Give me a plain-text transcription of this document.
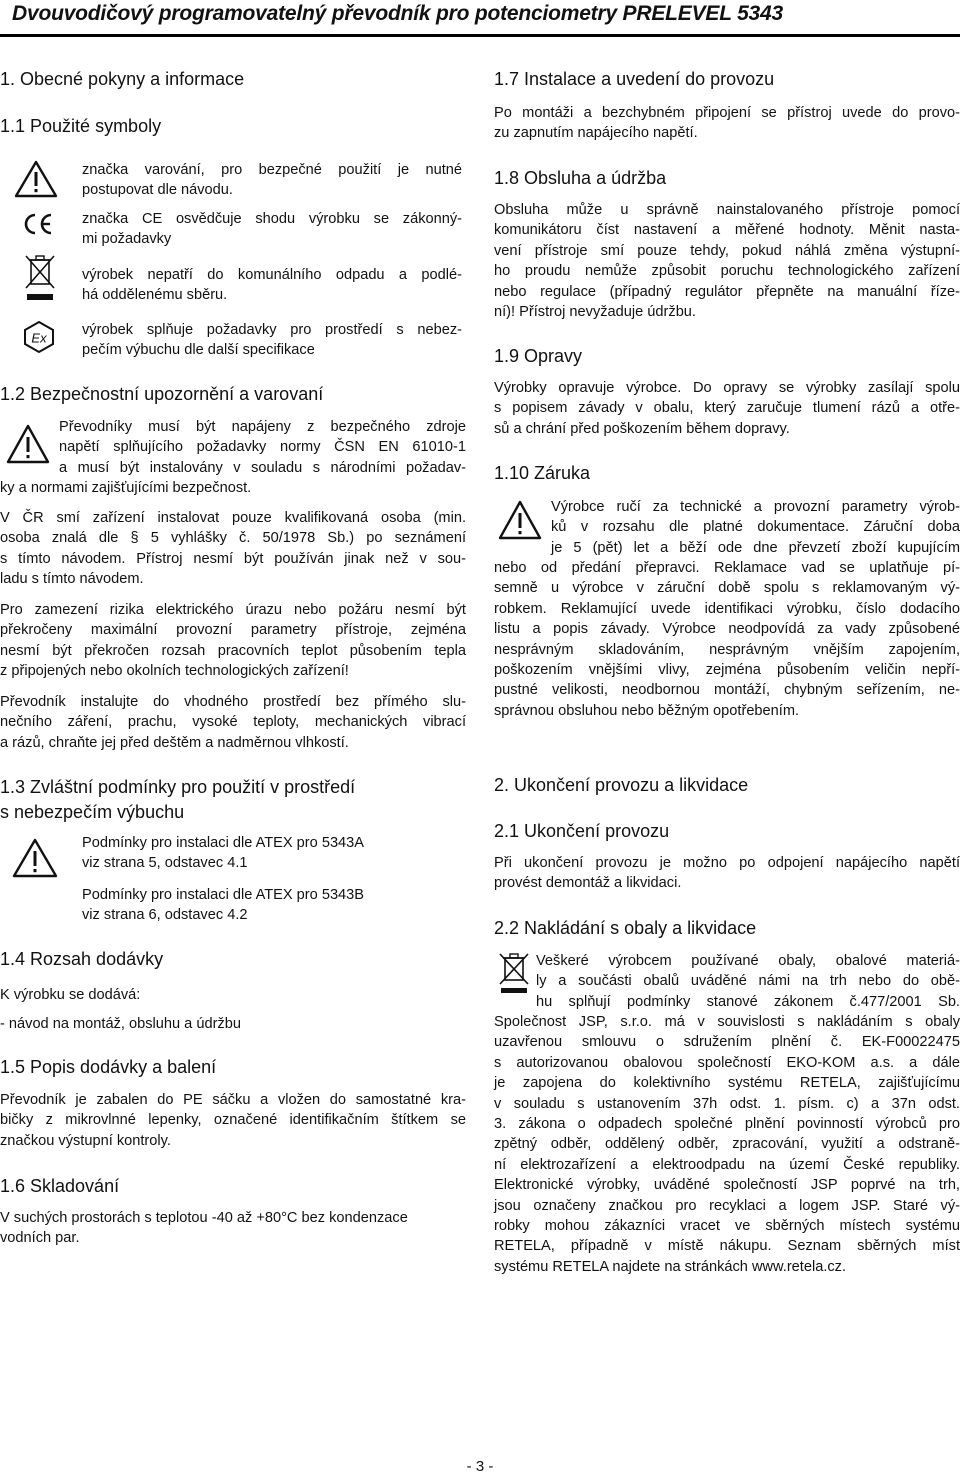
Dvouvodičový programovatelný převodník pro potenciometry PRELEVEL 5343
1. Obecné pokyny a informace
1.1 Použité symboly
značka varování, pro bezpečné použití je nutné
postupovat dle návodu.
značka CE osvědčuje shodu výrobku se zákonný-
mi požadavky
výrobek nepatří do komunálního odpadu a podlé-
há oddělenému sběru.
Ex výrobek splňuje požadavky pro prostředí s nebez-
pečím výbuchu dle další specifikace
1.2 Bezpečnostní upozornění a varovaní
Převodníky musí být napájeny z bezpečného zdroje
napětí splňujícího požadavky normy ČSN EN 61010-1
a musí být instalovány v souladu s národními požadav-
ky a normami zajišťujícími bezpečnost.
V ČR smí zařízení instalovat pouze kvalifikovaná osoba (min.
osoba znalá dle § 5 vyhlášky č. 50/1978 Sb.) po seznámení
s tímto návodem. Přístroj nesmí být používán jinak než v sou-
ladu s tímto návodem.
Pro zamezení rizika elektrického úrazu nebo požáru nesmí být
překročeny maximální provozní parametry přístroje, zejména
nesmí být překročen rozsah pracovních teplot působením tepla
z připojených nebo okolních technologických zařízení!
Převodník instalujte do vhodného prostředí bez přímého slu-
nečního záření, prachu, vysoké teploty, mechanických vibrací
a rázů, chraňte jej před deštěm a nadměrnou vlhkostí.
1.3 Zvláštní podmínky pro použití v prostředí
s nebezpečím výbuchu
Podmínky pro instalaci dle ATEX pro 5343A
viz strana 5, odstavec 4.1
Podmínky pro instalaci dle ATEX pro 5343B
viz strana 6, odstavec 4.2
1.4 Rozsah dodávky
K výrobku se dodává:
- návod na montáž, obsluhu a údržbu
1.5 Popis dodávky a balení
Převodník je zabalen do PE sáčku a vložen do samostatné kra-
bičky z mikrovlnné lepenky, označené identifikačním štítkem se
značkou výstupní kontroly.
1.6 Skladování
V suchých prostorách s teplotou -40 až +80°C bez kondenzace
vodních par.
1.7 Instalace a uvedení do provozu
Po montáži a bezchybném připojení se přístroj uvede do provo-
zu zapnutím napájecího napětí.
1.8 Obsluha a údržba
Obsluha může u správně nainstalovaného přístroje pomocí
komunikátoru číst nastavení a měřené hodnoty. Měnit nasta-
vení přístroje smí pouze tehdy, pokud náhlá změna výstupní-
ho proudu nemůže způsobit poruchu technologického zařízení
nebo regulace (případný regulátor přepněte na manuální říze-
ní)! Přístroj nevyžaduje údržbu.
1.9 Opravy
Výrobky opravuje výrobce. Do opravy se výrobky zasílají spolu
s popisem závady v obalu, který zaručuje tlumení rázů a otře-
sů a chrání před poškozením během dopravy.
1.10 Záruka
Výrobce ručí za technické a provozní parametry výrob-
ků v rozsahu dle platné dokumentace. Záruční doba
je 5 (pět) let a běží ode dne převzetí zboží kupujícím
nebo od předání přepravci. Reklamace vad se uplatňuje pí-
semně u výrobce v záruční době spolu s reklamovaným vý-
robkem. Reklamující uvede identifikaci výrobku, číslo dodacího
listu a popis závady. Výrobce neodpovídá za vady způsobené
nesprávným skladováním, nesprávným vnějším zapojením,
poškozením vnějšími vlivy, zejména působením veličin nepří-
pustné velikosti, neodbornou montáží, chybným seřízením, ne-
správnou obsluhou nebo běžným opotřebením.
2. Ukončení provozu a likvidace
2.1 Ukončení provozu
Při ukončení provozu je možno po odpojení napájecího napětí
provést demontáž a likvidaci.
2.2 Nakládání s obaly a likvidace
Veškeré výrobcem používané obaly, obalové materiá-
ly a součásti obalů uváděné námi na trh nebo do obě-
hu splňují podmínky stanové zákonem č.477/2001 Sb.
Společnost JSP, s.r.o. má v souvislosti s nakládáním s obaly
uzavřenou smlouvu o sdružením plnění č. EK-F00022475
s autorizovanou obalovou společností EKO-KOM a.s. a dále
je zapojena do kolektivního systému RETELA, zajišťujícímu
v souladu s ustanovením 37h odst. 1. písm. c) a 37n odst.
3. zákona o odpadech společné plnění povinností výrobců pro
zpětný odběr, oddělený odběr, zpracování, využití a odstraně-
ní elektrozařízení a elektroodpadu na území České republiky.
Elektronické výrobky, uváděné společností JSP poprvé na trh,
jsou označeny značkou pro recyklaci a logem JSP. Staré vý-
robky mohou zákazníci vracet ve sběrných místech systému
RETELA, případně v místě nákupu. Seznam sběrných míst
systému RETELA najdete na stránkách www.retela.cz.
- 3 -
